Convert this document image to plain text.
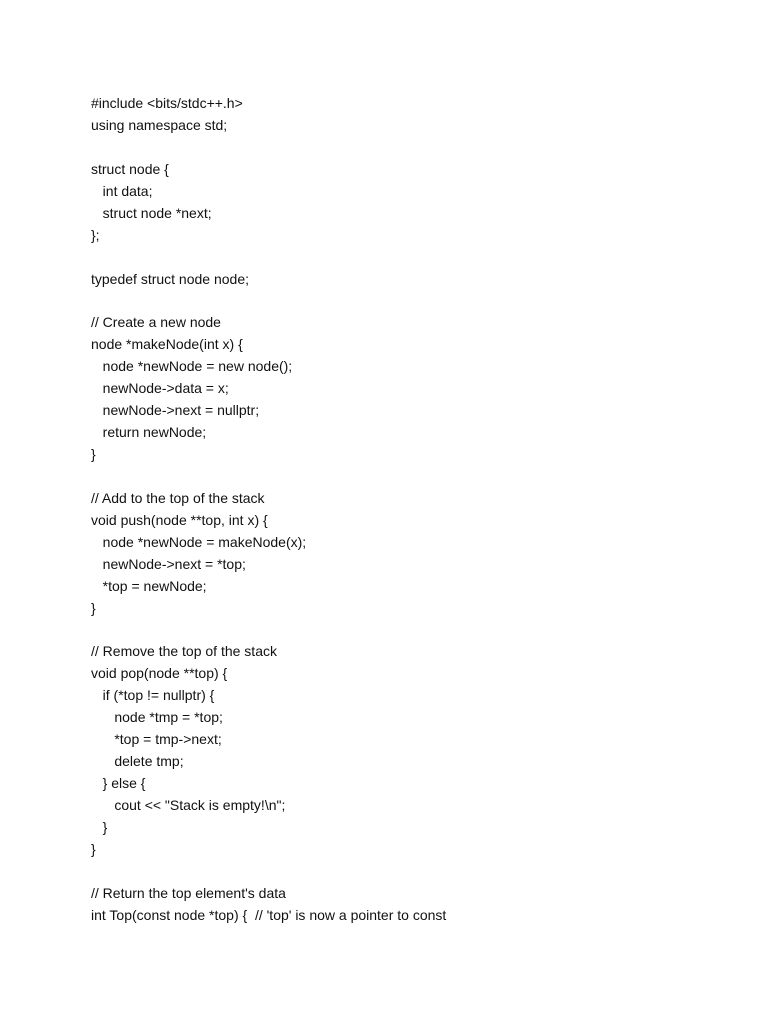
#include <bits/stdc++.h>
using namespace std;
struct node {
int data;
struct node *next;
};
typedef struct node node;
// Create a new node
node *makeNode(int x) {
node *newNode = new node();
newNode->data = x;
newNode->next = nullptr;
return newNode;
}
// Add to the top of the stack
void push(node **top, int x) {
node *newNode = makeNode(x);
newNode->next = *top;
*top = newNode;
}
// Remove the top of the stack
void pop(node **top) {
if (*top != nullptr) {
node *tmp = *top;
*top = tmp->next;
delete tmp;
} else {
cout << "Stack is empty!\n";
}
}
// Return the top element's data
int Top(const node *top) {  // 'top' is now a pointer to const
